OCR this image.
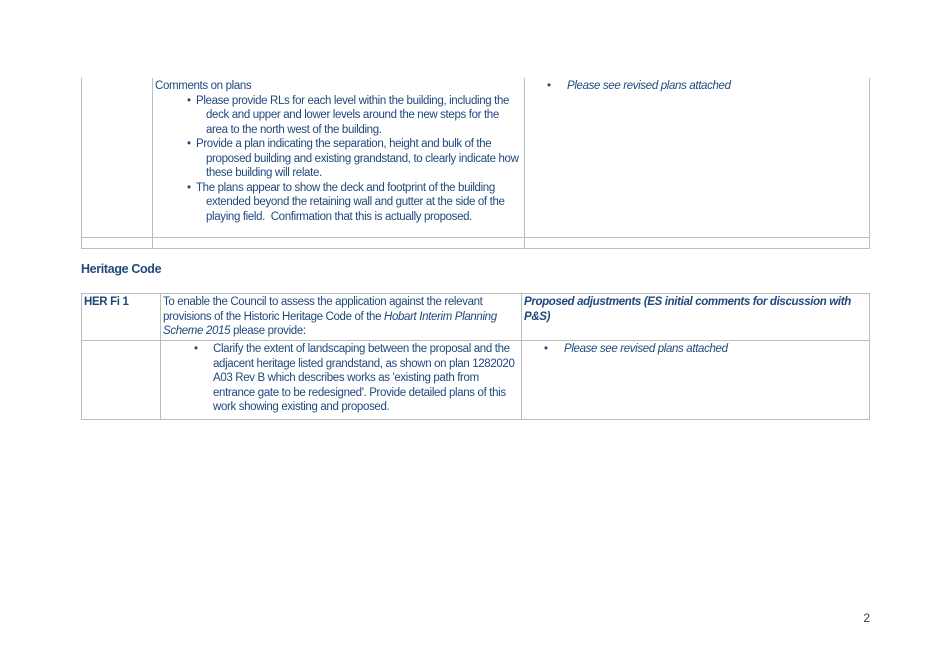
	Comments on plans
• Please provide RLs for each level within the building, including the deck and upper and lower levels around the new steps for the area to the north west of the building.
• Provide a plan indicating the separation, height and bulk of the proposed building and existing grandstand, to clearly indicate how these building will relate.
• The plans appear to show the deck and footprint of the building extended beyond the retaining wall and gutter at the side of the playing field.  Confirmation that this is actually proposed.	• Please see revised plans attached

Heritage Code
HER Fi 1	To enable the Council to assess the application against the relevant provisions of the Historic Heritage Code of the Hobart Interim Planning Scheme 2015 please provide:	Proposed adjustments (ES initial comments for discussion with P&S)

	• Clarify the extent of landscaping between the proposal and the adjacent heritage listed grandstand, as shown on plan 1282020 A03 Rev B which describes works as 'existing path from entrance gate to be redesigned'. Provide detailed plans of this work showing existing and proposed.	• Please see revised plans attached
2
